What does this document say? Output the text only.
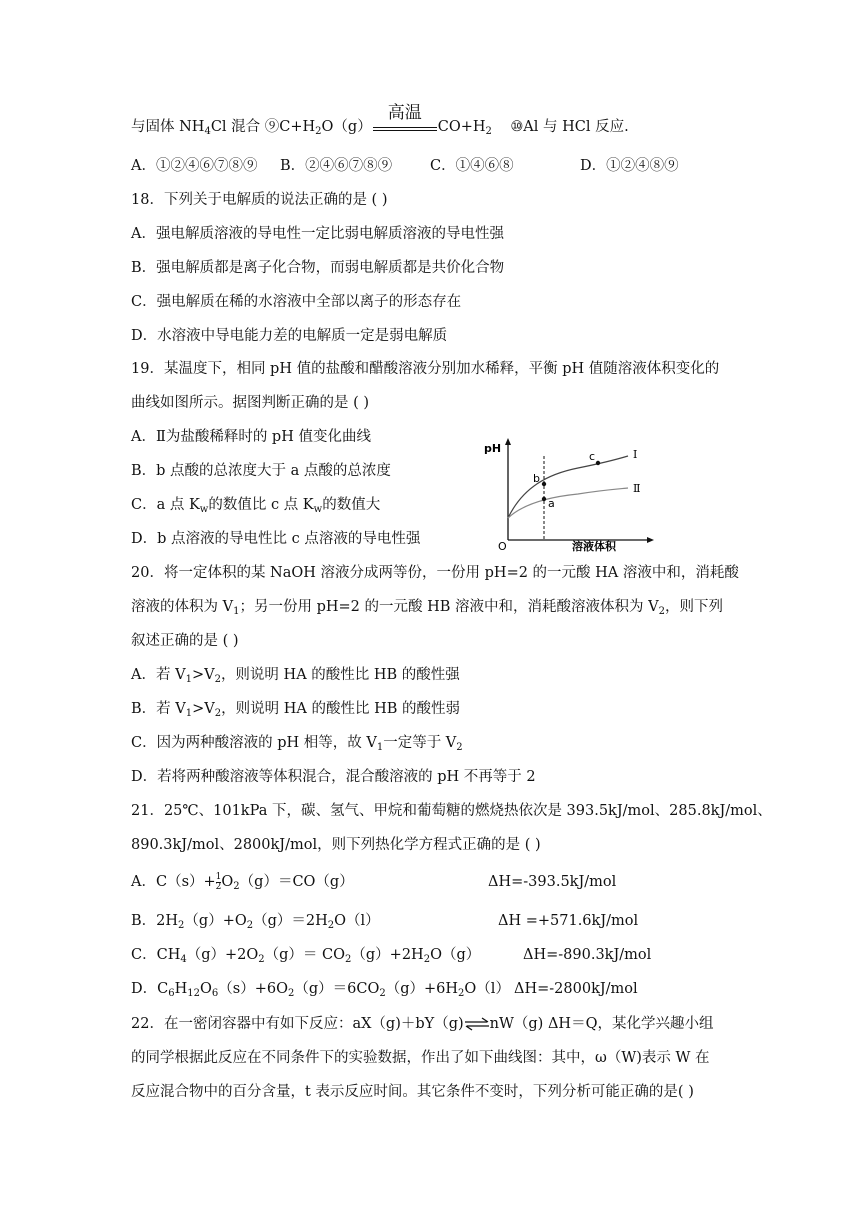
与固体 $NH_4Cl$ 混合 $⑨C+H_2O(g)$
高温
$CO+H_2$ ⑩Al 与 HCl 反应.
A．①②④⑥⑦⑧⑨ B．②④⑥⑦⑧⑨	C．①④⑥⑧	D．①②④⑧⑨
18．下列关于电解质的说法正确的是 ( )
A．强电解质溶液的导电性一定比弱电解质溶液的导电性强
B．强电解质都是离子化合物，而弱电解质都是共价化合物
C．强电解质在稀的水溶液中全部以离子的形态存在
D．水溶液中导电能力差的电解质一定是弱电解质
19．某温度下，相同 pH 值的盐酸和醋酸溶液分别加水稀释，平衡 pH 值随溶液体积变化的
曲线如图所示。据图判断正确的是 ( )
A．Ⅱ为盐酸稀释时的 pH 值变化曲线
B．b 点酸的总浓度大于 a 点酸的总浓度
C．a 点 $K_w$的数值比 c 点 $K_w$的数值大
D．b 点溶液的导电性比 c 点溶液的导电性强
pH
溶液体积
O
b
a
c	Ⅰ
Ⅱ
20．将一定体积的某 NaOH 溶液分成两等份，一份用 pH=2 的一元酸 HA 溶液中和，消耗酸
溶液的体积为 $V_1$；另一份用 pH=2 的一元酸 HB 溶液中和，消耗酸溶液体积为 $V_2$，则下列
叙述正确的是 ( )
A．若 $V_1>V_2$，则说明 HA 的酸性比 HB 的酸性强
B．若 $V_1>V_2$，则说明 HA 的酸性比 HB 的酸性弱
C．因为两种酸溶液的 pH 相等，故 $V_1$一定等于 $V_2$
D．若将两种酸溶液等体积混合，混合酸溶液的 pH 不再等于 2
21．25℃、101kPa 下，碳、氢气、甲烷和葡萄糖的燃烧热依次是 393.5kJ/mol、285.8kJ/mol、
890.3kJ/mol、2800kJ/mol，则下列热化学方程式正确的是 ( )
A．$C(s)+ \frac{1}{2} O_2(g)=CO(g)$	ΔH=-393.5kJ/mol
B．$2H_2(g)+O_2(g)=2H_2O(l)$	ΔH =+571.6kJ/mol
C．$CH_4(g)+2O_2(g)= CO_2(g)+2H_2O(g)$	ΔH=-890.3kJ/mol
D．$C_6H_{12}O_6(s)+6O_2(g)=6CO_2(g)+6H_2O(l)$ ΔH=-2800kJ/mol
22．在一密闭容器中有如下反应：aX（g)＋bY（g)⇌nW（g) ΔH＝Q，某化学兴趣小组
的同学根据此反应在不同条件下的实验数据，作出了如下曲线图：其中，ω（W)表示 W 在
反应混合物中的百分含量，t 表示反应时间。其它条件不变时，下列分析可能正确的是( )
